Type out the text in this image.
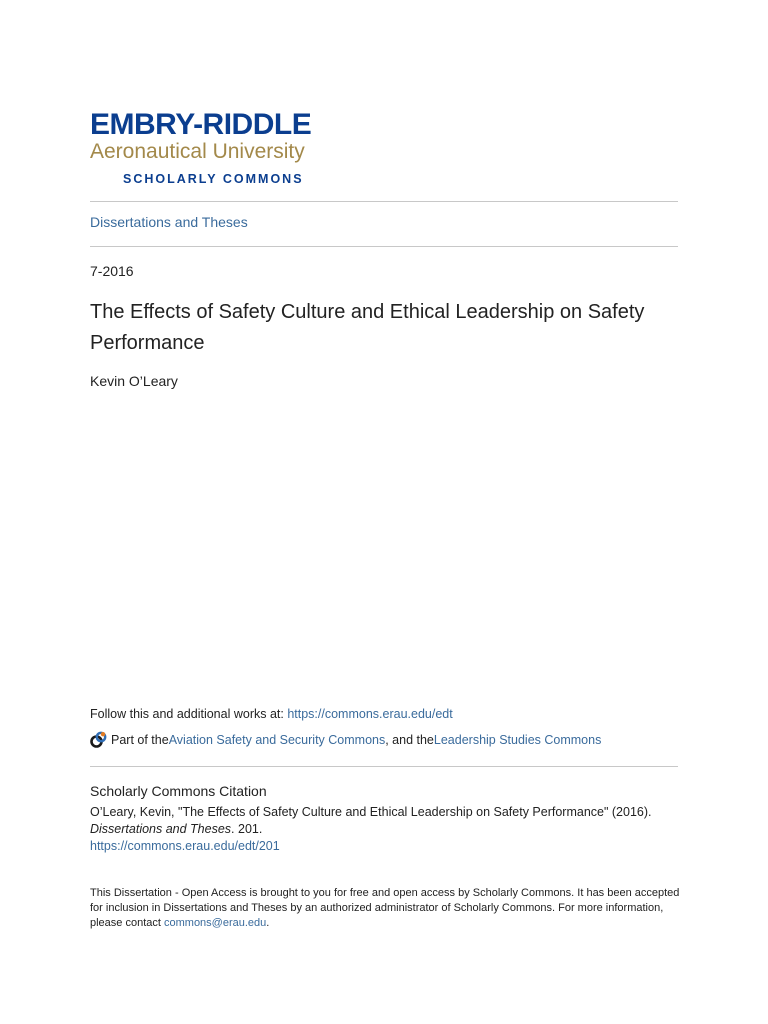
EMBRY-RIDDLE
Aeronautical University
SCHOLARLY COMMONS
Dissertations and Theses
7-2016
The Effects of Safety Culture and Ethical Leadership on Safety Performance
Kevin O’Leary
Follow this and additional works at: https://commons.erau.edu/edt
Part of the Aviation Safety and Security Commons , and the Leadership Studies Commons
Scholarly Commons Citation
O’Leary, Kevin, "The Effects of Safety Culture and Ethical Leadership on Safety Performance" (2016).
Dissertations and Theses. 201.
https://commons.erau.edu/edt/201
This Dissertation - Open Access is brought to you for free and open access by Scholarly Commons. It has been accepted for inclusion in Dissertations and Theses by an authorized administrator of Scholarly Commons. For more information, please contact commons@erau.edu.
